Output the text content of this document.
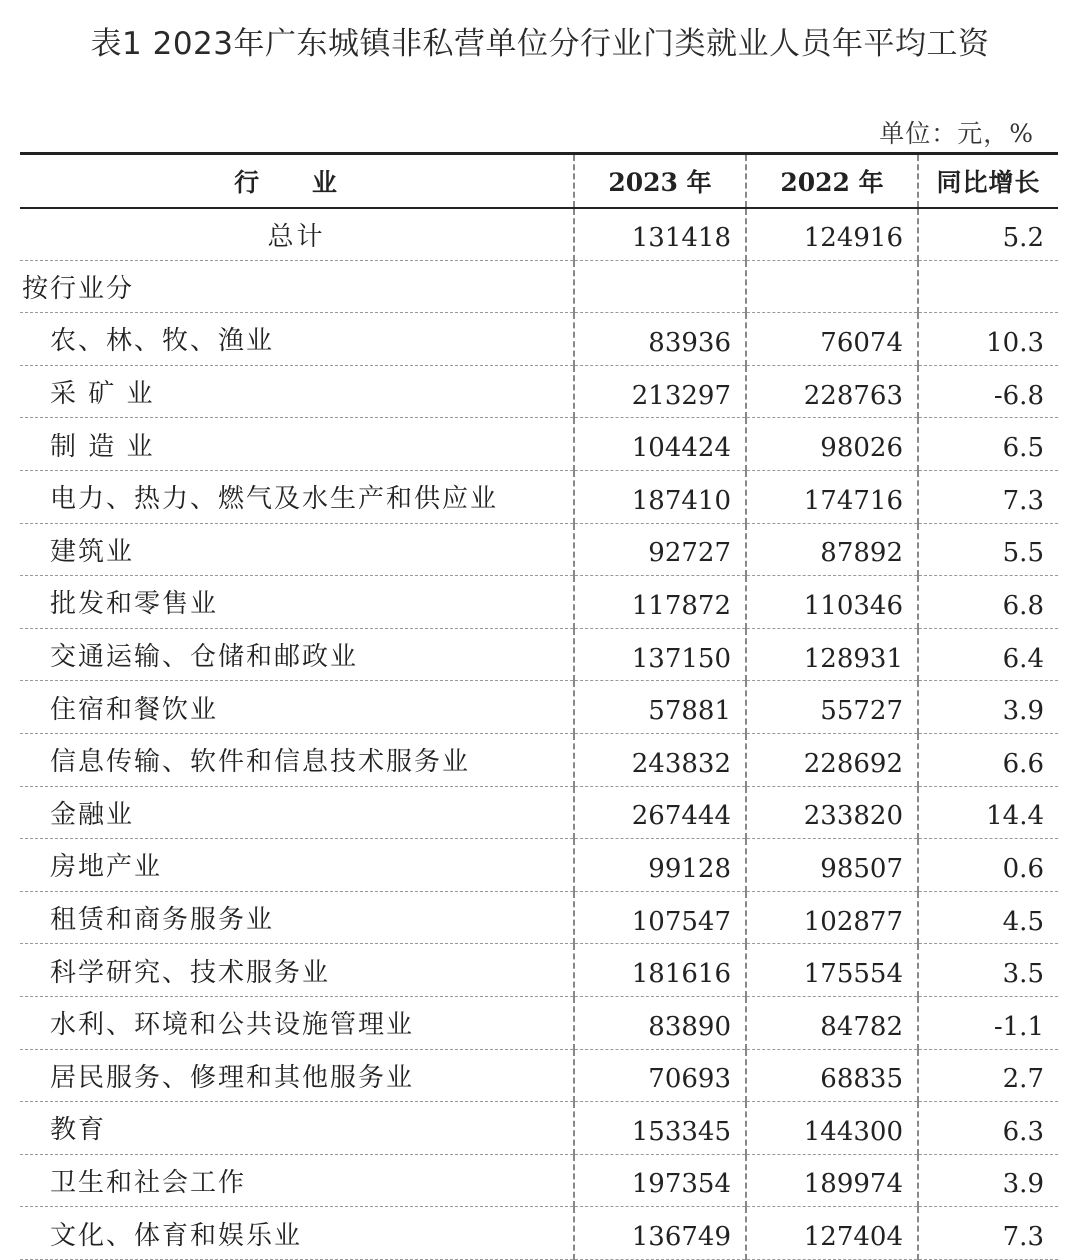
表1 2023年广东城镇非私营单位分行业门类就业人员年平均工资
单位：元，%
行 业	2023 年	2022 年	同比增长
总计	131418	124916	5.2
按行业分			
农、林、牧、渔业	83936	76074	10.3
采 矿 业	213297	228763	-6.8
制 造 业	104424	98026	6.5
电力、热力、燃气及水生产和供应业	187410	174716	7.3
建筑业	92727	87892	5.5
批发和零售业	117872	110346	6.8
交通运输、仓储和邮政业	137150	128931	6.4
住宿和餐饮业	57881	55727	3.9
信息传输、软件和信息技术服务业	243832	228692	6.6
金融业	267444	233820	14.4
房地产业	99128	98507	0.6
租赁和商务服务业	107547	102877	4.5
科学研究、技术服务业	181616	175554	3.5
水利、环境和公共设施管理业	83890	84782	-1.1
居民服务、修理和其他服务业	70693	68835	2.7
教育	153345	144300	6.3
卫生和社会工作	197354	189974	3.9
文化、体育和娱乐业	136749	127404	7.3
